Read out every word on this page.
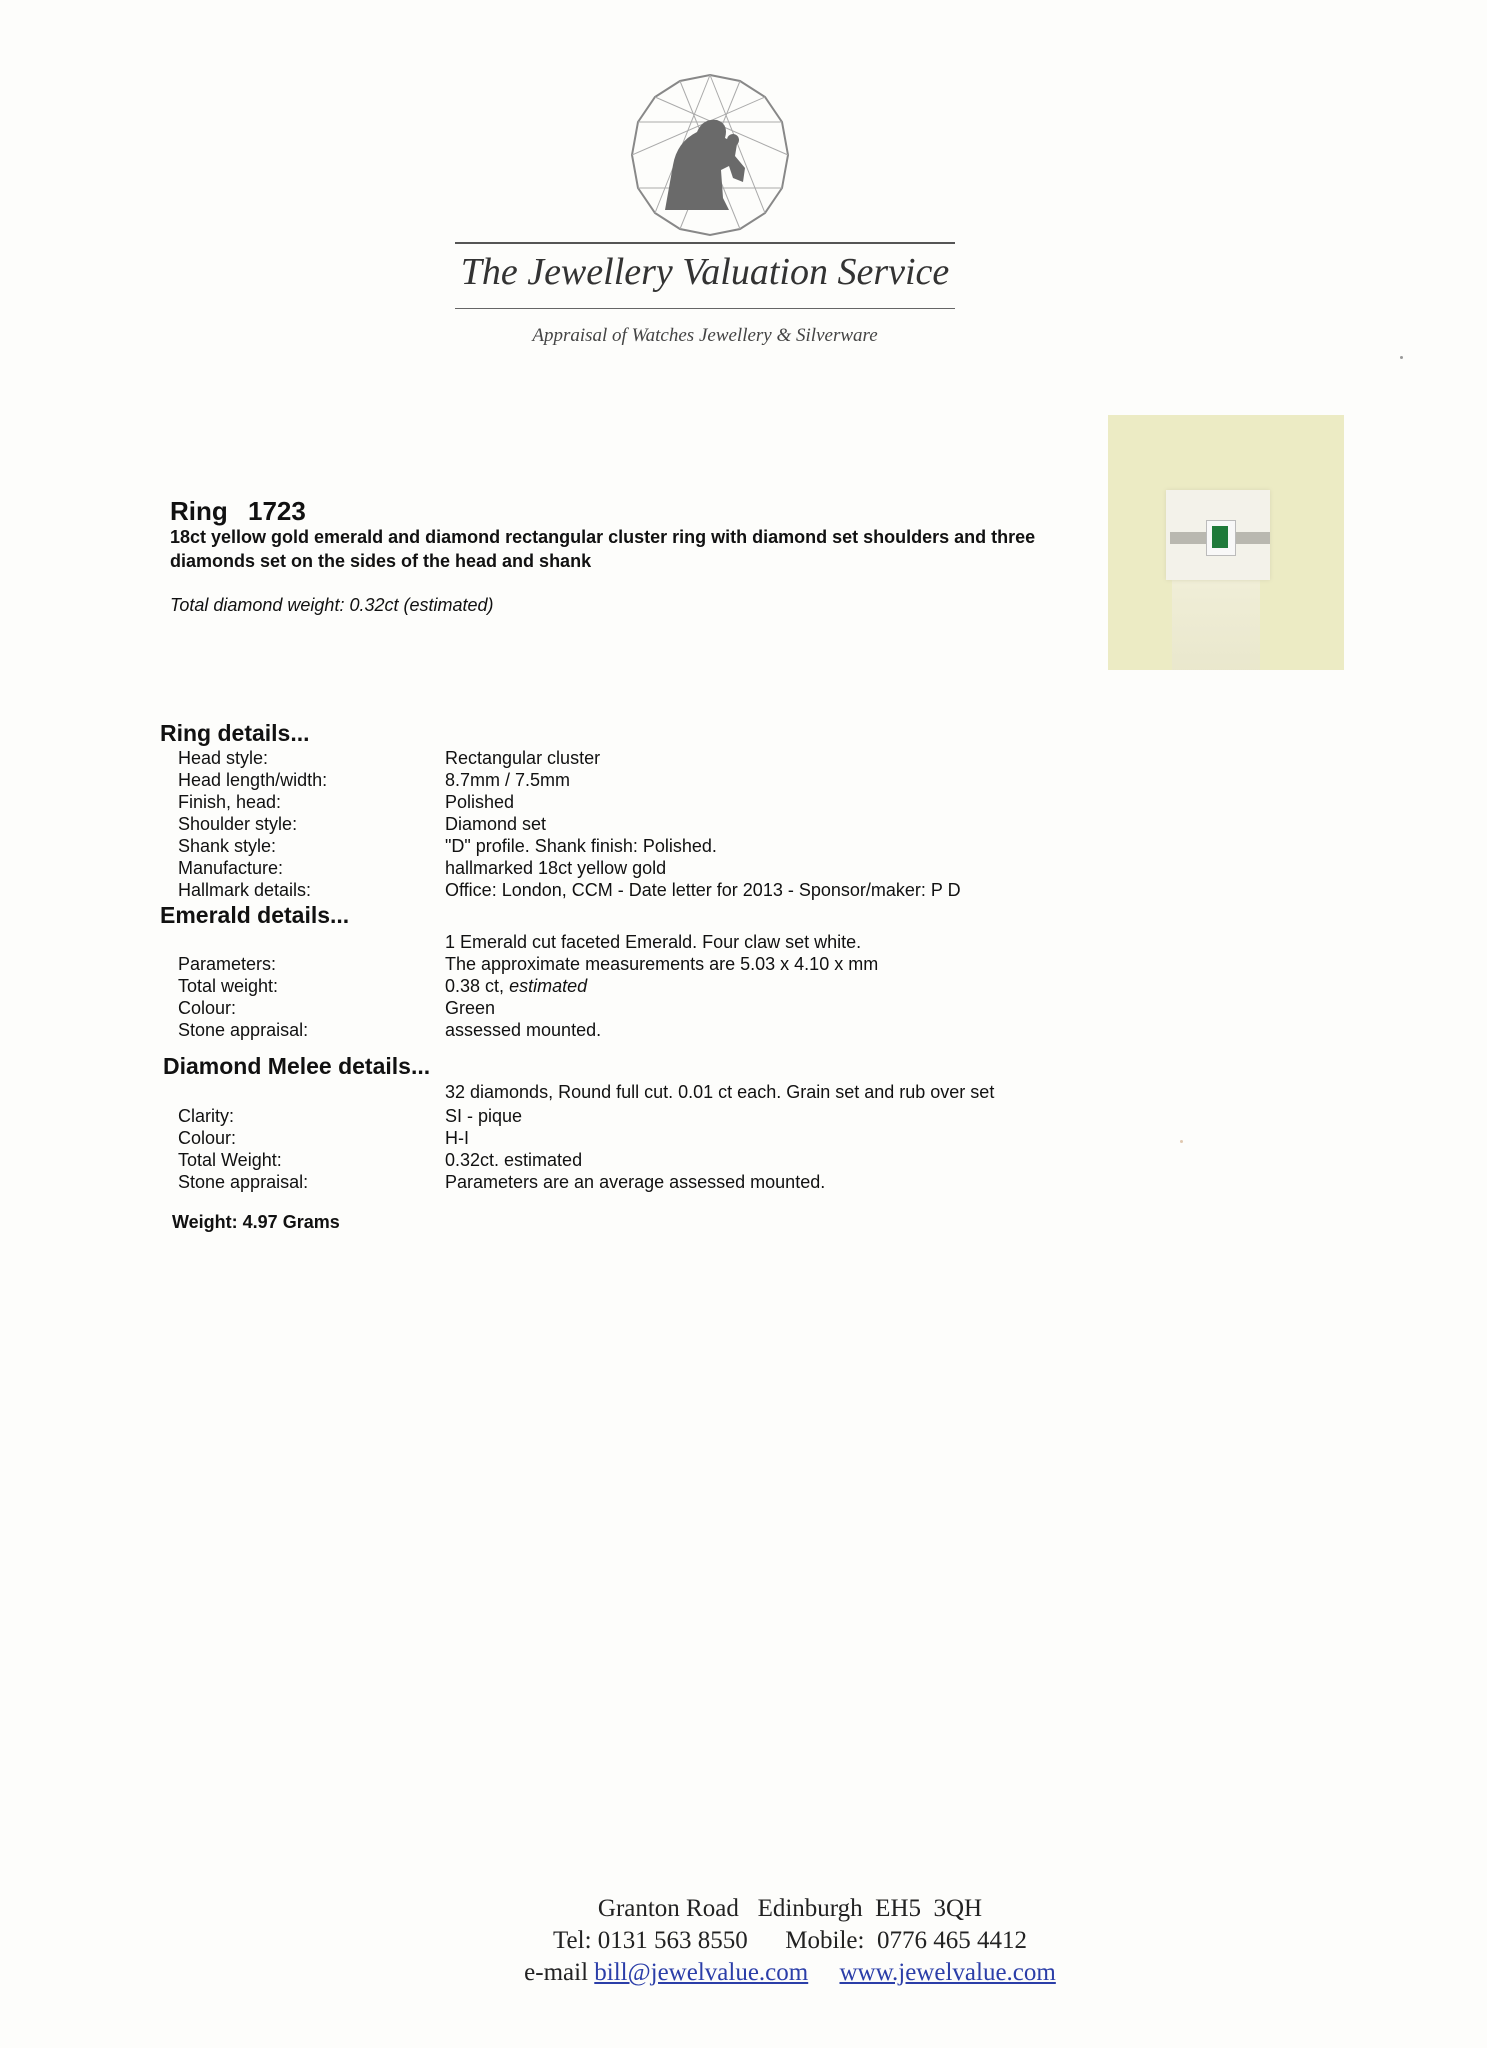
The Jewellery Valuation Service
Appraisal of Watches Jewellery & Silverware
Ring 1723
18ct yellow gold emerald and diamond rectangular cluster ring with diamond set shoulders and three diamonds set on the sides of the head and shank
Total diamond weight: 0.32ct (estimated)
Ring details...
Head style:	Rectangular cluster
Head length/width:	8.7mm / 7.5mm
Finish, head:	Polished
Shoulder style:	Diamond set
Shank style:	"D" profile. Shank finish: Polished.
Manufacture:	hallmarked 18ct yellow gold
Hallmark details:	Office: London, CCM - Date letter for 2013 - Sponsor/maker: P D
Emerald details...
1 Emerald cut faceted Emerald. Four claw set white.
Parameters:	The approximate measurements are 5.03 x 4.10 x mm
Total weight:	0.38 ct, estimated
Colour:	Green
Stone appraisal:	assessed mounted.
Diamond Melee details...
32 diamonds, Round full cut. 0.01 ct each. Grain set and rub over set
Clarity:	SI - pique
Colour:	H-I
Total Weight:	0.32ct. estimated
Stone appraisal:	Parameters are an average assessed mounted.
Weight: 4.97 Grams
Granton Road   Edinburgh  EH5  3QH
Tel: 0131 563 8550 Mobile:  0776 465 4412
e-mail bill@jewelvalue.com www.jewelvalue.com
